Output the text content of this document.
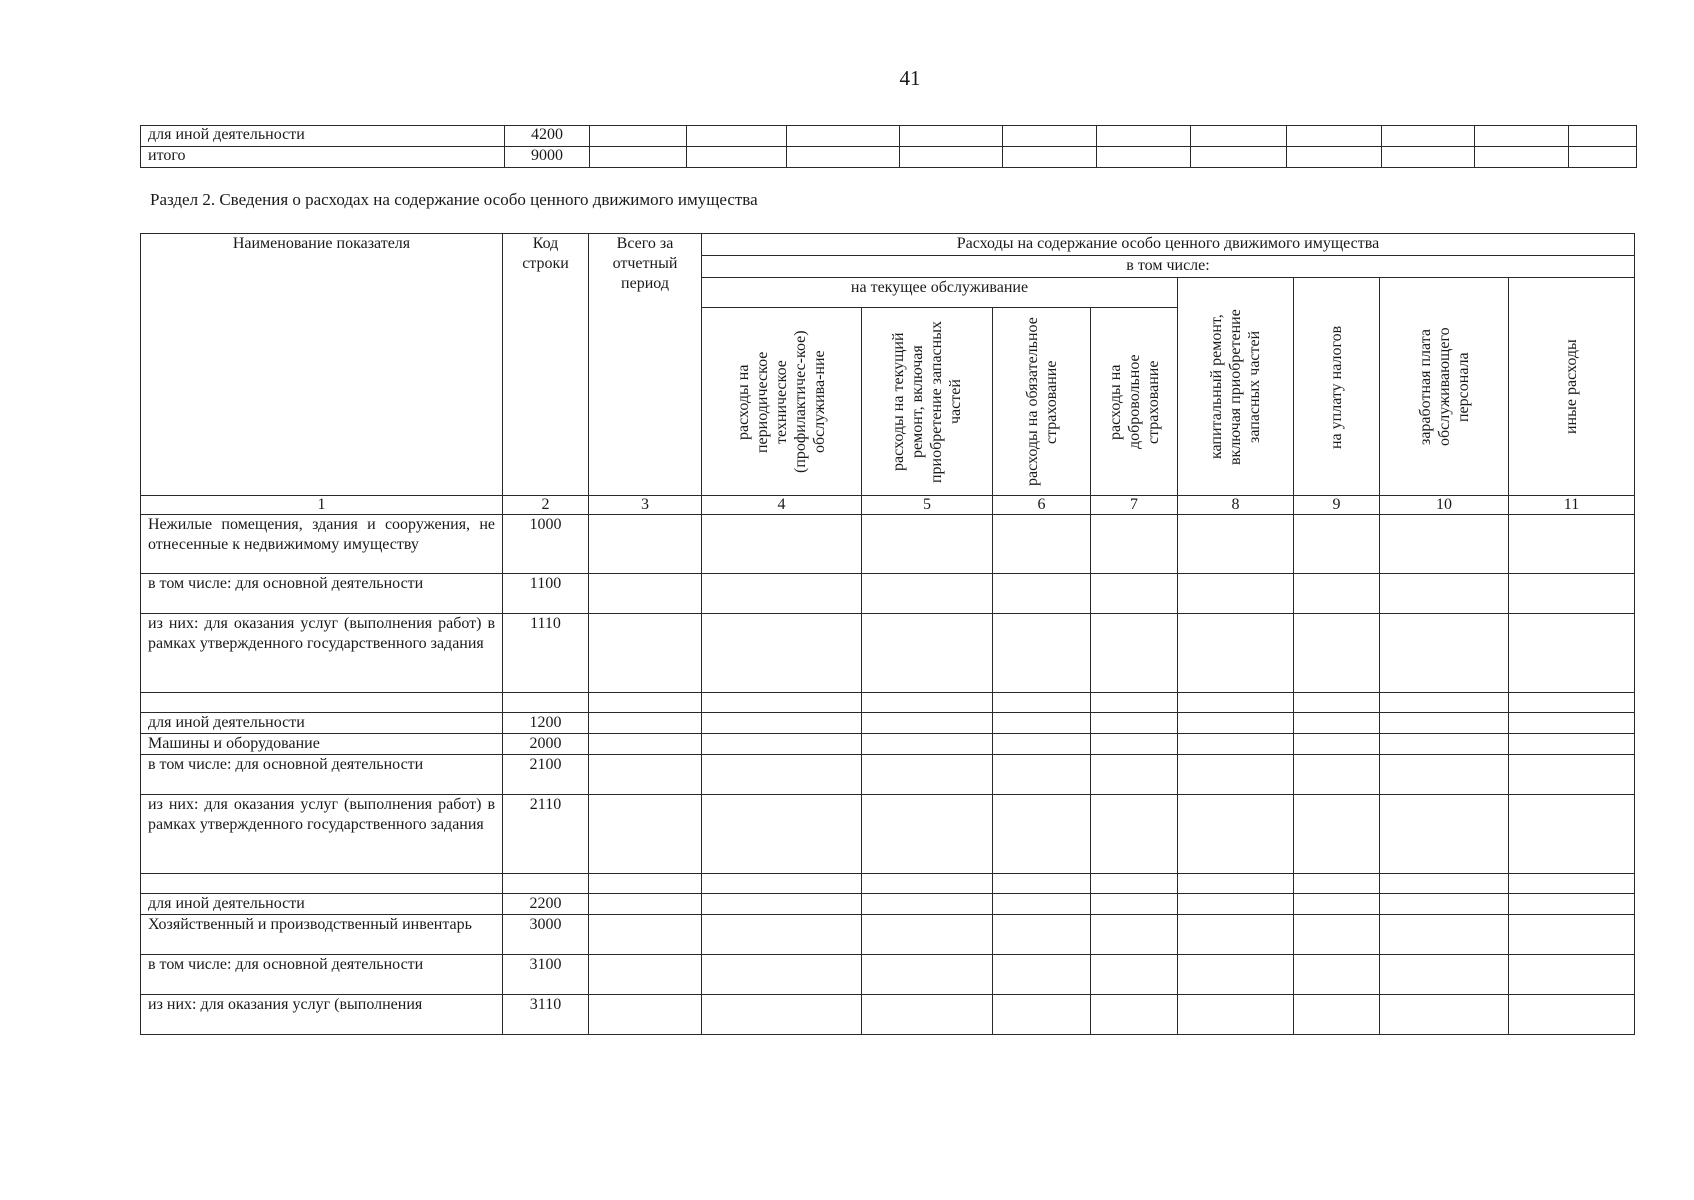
41
для иной деятельности	4200											
итого	9000											
Раздел 2. Сведения о расходах на содержание особо ценного движимого имущества
Наименование показателя	Код строки	Всего за отчетный период	Расходы на содержание особо ценного движимого имущества							
			в том числе:							
			на текущее обслуживание				капитальный ремонт, включая приобретение запасных частей	на уплату налогов	заработная плата обслуживающего персонала	иные расходы

			расходы на периодическое техническое (профилактичес-кое) обслужива-ние	расходы на текущий ремонт, включая приобретение запасных частей	расходы на обязательное страхование	расходы на добровольное страхование				

1	2	3	4	5	6	7	8	9	10	11
Нежилые помещения, здания и сооружения, не отнесенные к недвижимому имуществу	1000									
в том числе: для основной деятельности	1100									
из них: для оказания услуг (выполнения работ) в рамках утвержденного государственного задания	1110									

для иной деятельности	1200									
Машины и оборудование	2000									
в том числе: для основной деятельности	2100									
из них: для оказания услуг (выполнения работ) в рамках утвержденного государственного задания	2110									

для иной деятельности	2200									
Хозяйственный и производственный инвентарь	3000									
в том числе: для основной деятельности	3100									
из них: для оказания услуг (выполнения	3110									
